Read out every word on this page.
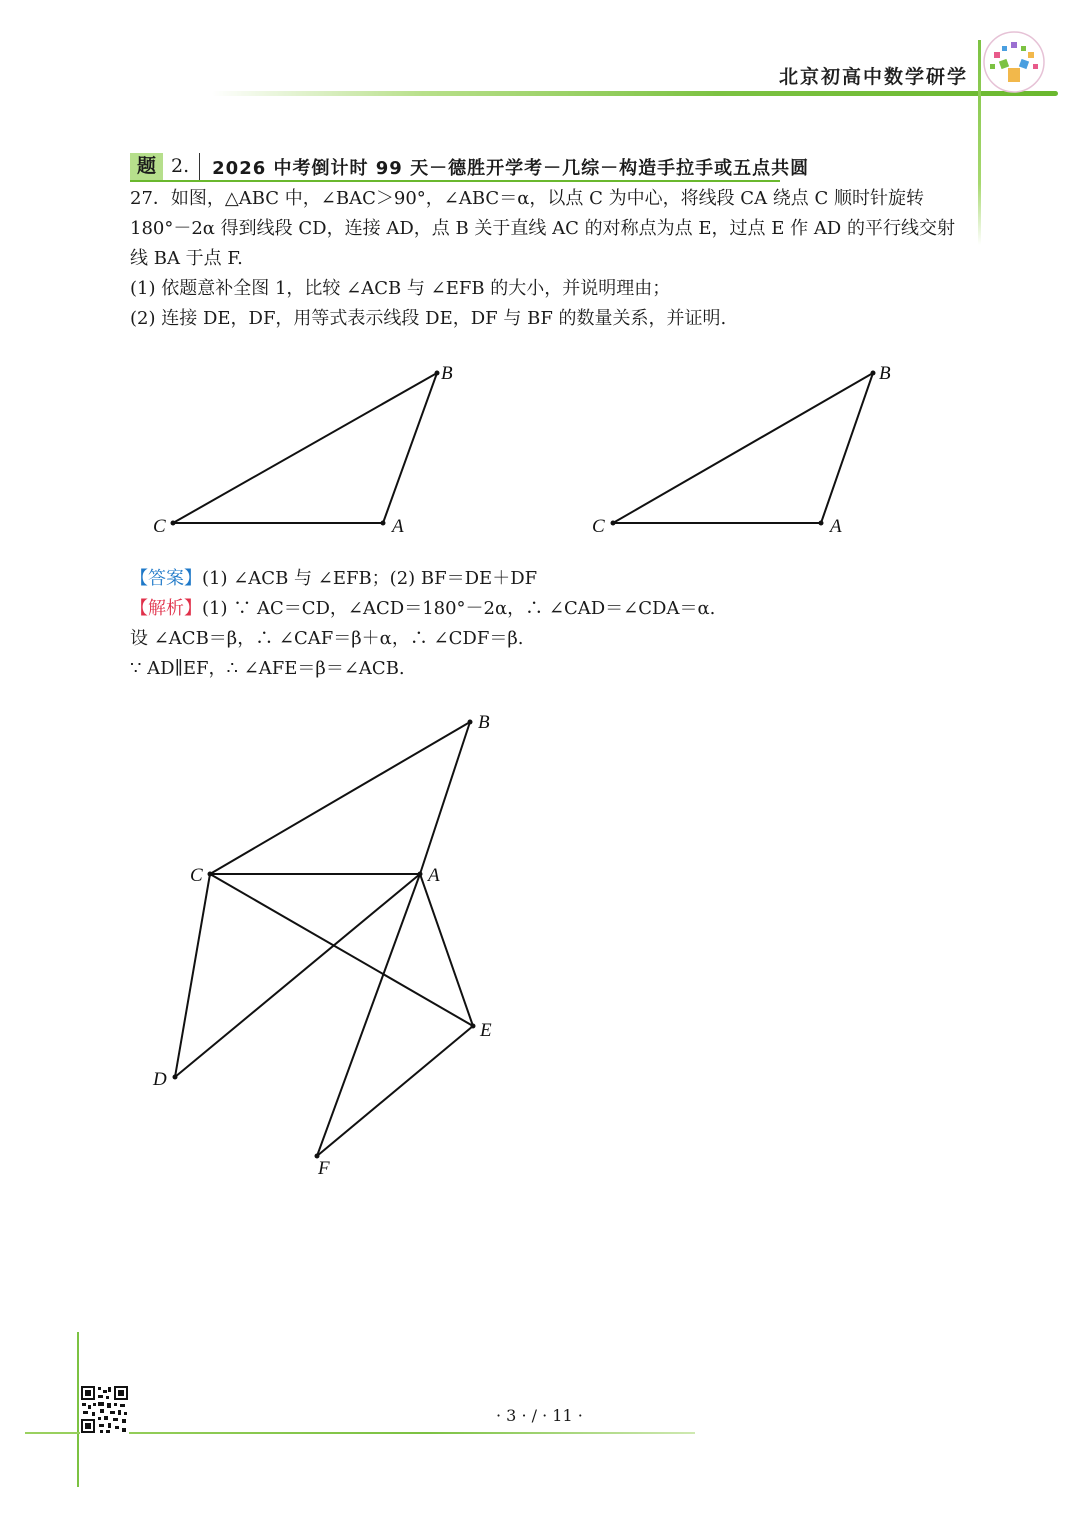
北京初高中数学研学
题 2.	2026 中考倒计时 99 天－德胜开学考－几综－构造手拉手或五点共圆
27．如图，△ABC 中，∠BAC＞90°，∠ABC＝α，以点 C 为中心，将线段 CA 绕点 C 顺时针旋转
180°－2α 得到线段 CD，连接 AD，点 B 关于直线 AC 的对称点为点 E，过点 E 作 AD 的平行线交射
线 BA 于点 F.
(1) 依题意补全图 1，比较 ∠ACB 与 ∠EFB 的大小，并说明理由；
(2) 连接 DE，DF，用等式表示线段 DE，DF 与 BF 的数量关系，并证明.
B
C	A
B
C	A
【答案】(1) ∠ACB 与 ∠EFB；(2) BF＝DE＋DF
【解析】(1) ∵ AC＝CD，∠ACD＝180°－2α，∴ ∠CAD＝∠CDA＝α.
设 ∠ACB＝β，∴ ∠CAF＝β＋α，∴ ∠CDF＝β.
∵ AD∥EF，∴ ∠AFE＝β＝∠ACB.
B
C	A
E
D
F
· 3 · / · 11 ·
